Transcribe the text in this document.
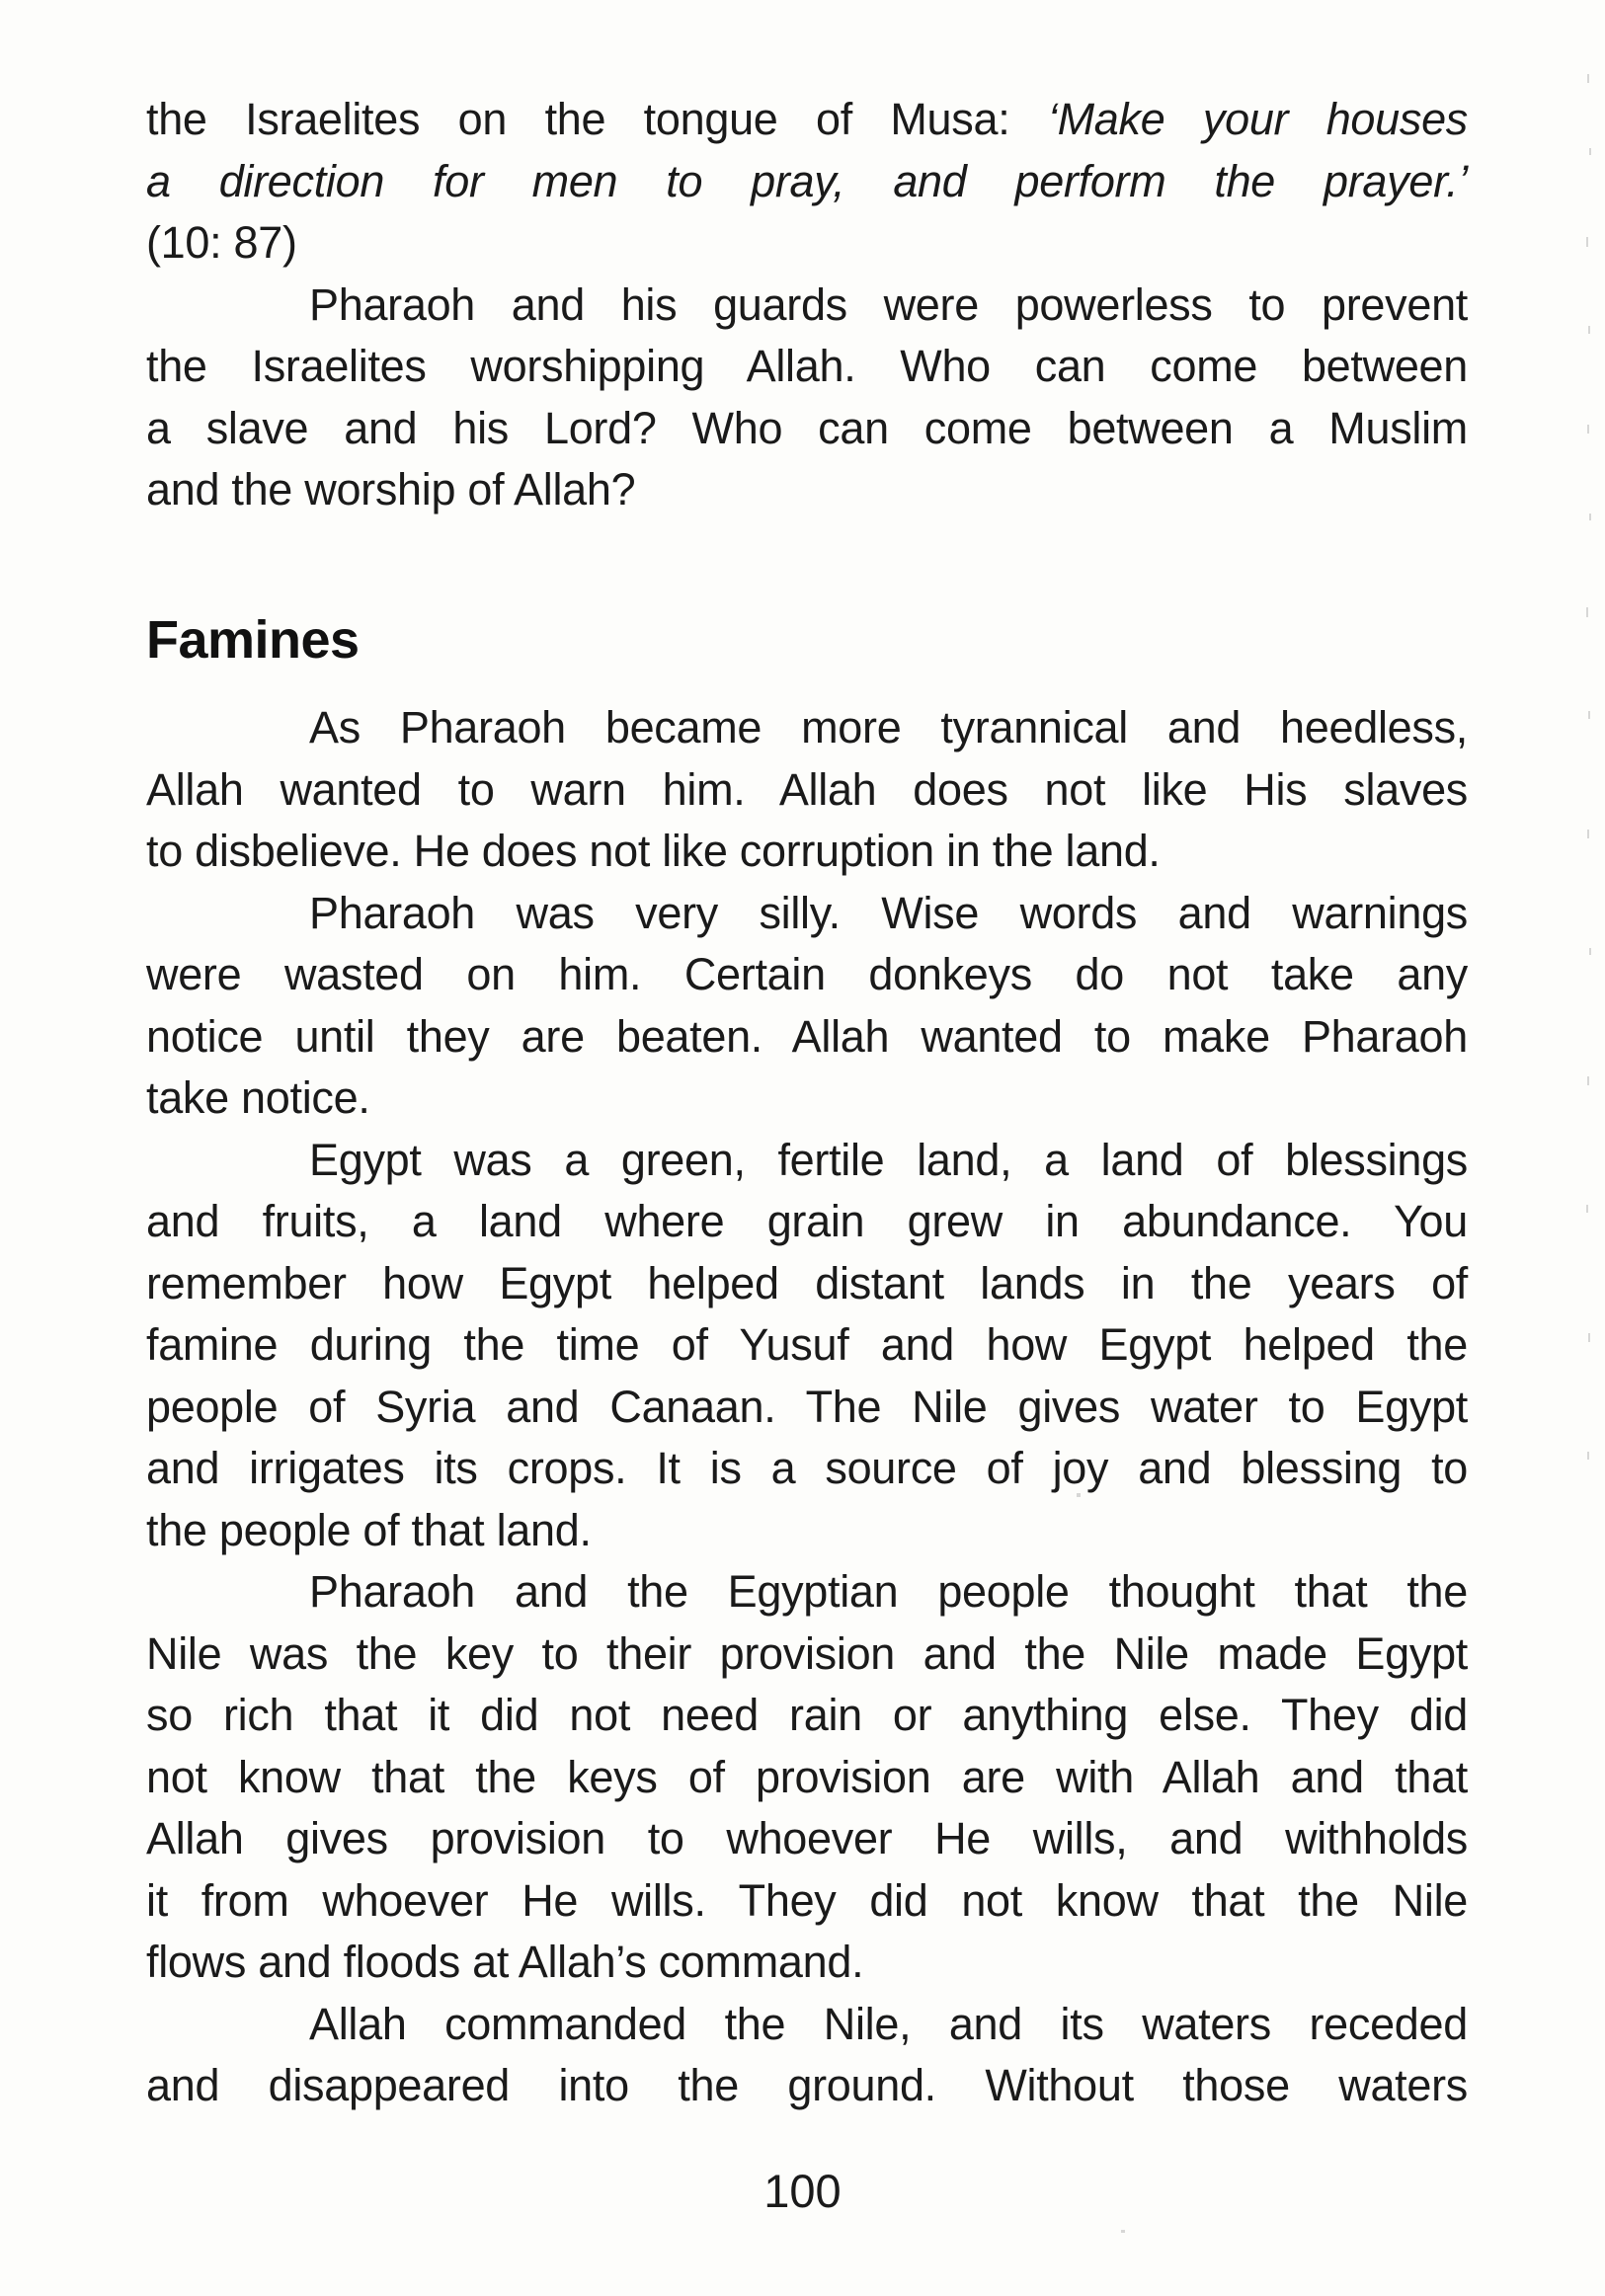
the Israelites on the tongue of Musa: ‘Make your houses
a direction for men to pray, and perform the prayer.’
(10: 87)
Pharaoh and his guards were powerless to prevent
the Israelites worshipping Allah. Who can come between
a slave and his Lord? Who can come between a Muslim
and the worship of Allah?
Famines
As Pharaoh became more tyrannical and heedless,
Allah wanted to warn him. Allah does not like His slaves
to disbelieve. He does not like corruption in the land.
Pharaoh was very silly. Wise words and warnings
were wasted on him. Certain donkeys do not take any
notice until they are beaten. Allah wanted to make Pharaoh
take notice.
Egypt was a green, fertile land, a land of blessings
and fruits, a land where grain grew in abundance. You
remember how Egypt helped distant lands in the years of
famine during the time of Yusuf and how Egypt helped the
people of Syria and Canaan. The Nile gives water to Egypt
and irrigates its crops. It is a source of joy and blessing to
the people of that land.
Pharaoh and the Egyptian people thought that the
Nile was the key to their provision and the Nile made Egypt
so rich that it did not need rain or anything else. They did
not know that the keys of provision are with Allah and that
Allah gives provision to whoever He wills, and withholds
it from whoever He wills. They did not know that the Nile
flows and floods at Allah’s command.
Allah commanded the Nile, and its waters receded
and disappeared into the ground. Without those waters
100
